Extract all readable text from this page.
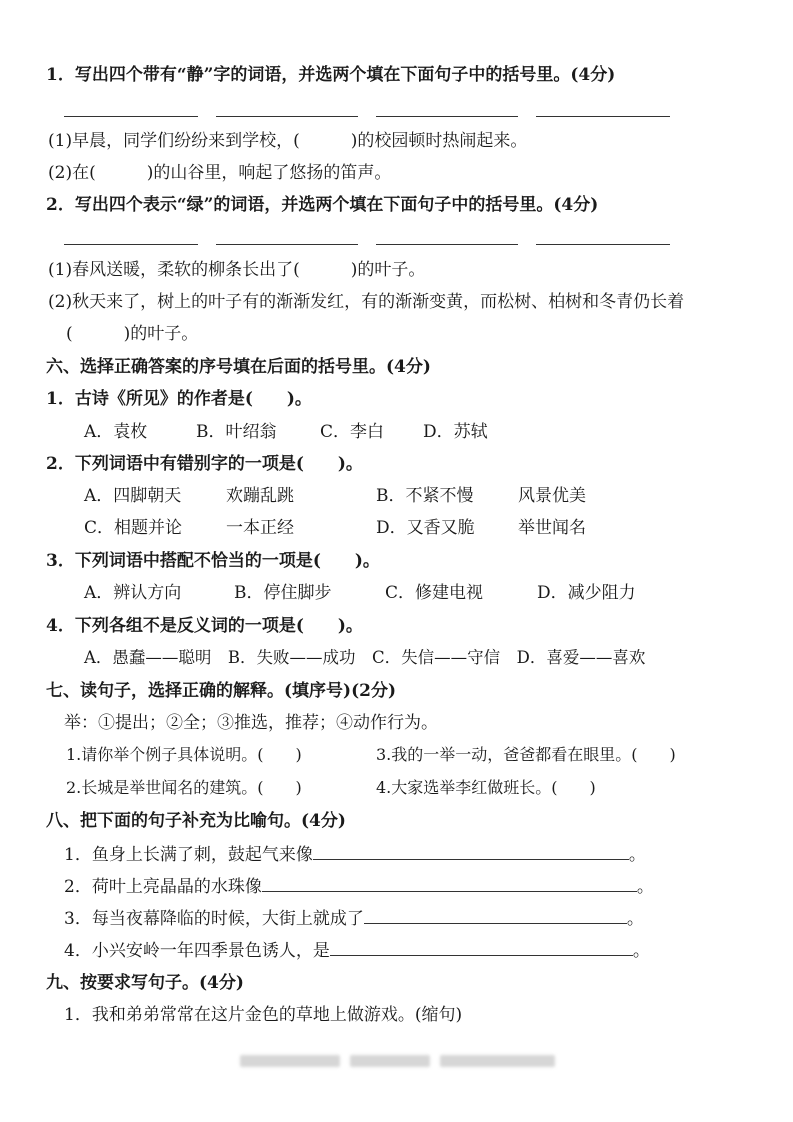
1．写出四个带有“静”字的词语，并选两个填在下面句子中的括号里。(4分)
(1)早晨，同学们纷纷来到学校，(　　　)的校园顿时热闹起来。
(2)在(　　　)的山谷里，响起了悠扬的笛声。
2．写出四个表示“绿”的词语，并选两个填在下面句子中的括号里。(4分)
(1)春风送暖，柔软的柳条长出了(　　　)的叶子。
(2)秋天来了，树上的叶子有的渐渐发红，有的渐渐变黄，而松树、柏树和冬青仍长着
(　　　)的叶子。
六、选择正确答案的序号填在后面的括号里。(4分)
1．古诗《所见》的作者是(　　)。
A．袁枚	B．叶绍翁	C．李白 D．苏轼
2．下列词语中有错别字的一项是(　　)。
A．四脚朝天	欢蹦乱跳	B．不紧不慢	风景优美
C．相题并论	一本正经	D．又香又脆	举世闻名
3．下列词语中搭配不恰当的一项是(　　)。
A．辨认方向	B．停住脚步	C．修建电视	D．减少阻力
4．下列各组不是反义词的一项是(　　)。
A．愚蠢——聪明　B．失败——成功　C．失信——守信　D．喜爱——喜欢
七、读句子，选择正确的解释。(填序号)(2分)
举：①提出；②全；③推选，推荐；④动作行为。
1.请你举个例子具体说明。(　　)	3.我的一举一动，爸爸都看在眼里。(　　)
2.长城是举世闻名的建筑。(　　)	4.大家选举李红做班长。(　　)
八、把下面的句子补充为比喻句。(4分)
1．鱼身上长满了刺，鼓起气来像	。
2．荷叶上亮晶晶的水珠像	。
3．每当夜幕降临的时候，大街上就成了	。
4．小兴安岭一年四季景色诱人，是	。
九、按要求写句子。(4分)
1．我和弟弟常常在这片金色的草地上做游戏。(缩句)
